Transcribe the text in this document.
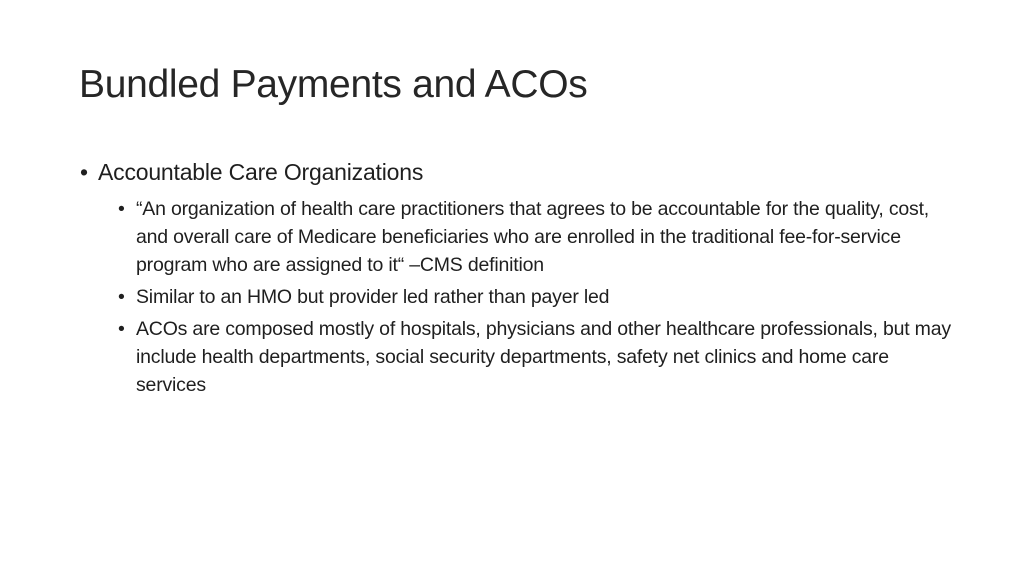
Bundled Payments and ACOs
• Accountable Care Organizations
• “An organization of health care practitioners that agrees to be accountable for the quality, cost, and overall care of Medicare beneficiaries who are enrolled in the traditional fee-for-service program who are assigned to it“ –CMS definition
• Similar to an HMO but provider led rather than payer led
• ACOs are composed mostly of hospitals, physicians and other healthcare professionals, but may include health departments, social security departments, safety net clinics and home care services
